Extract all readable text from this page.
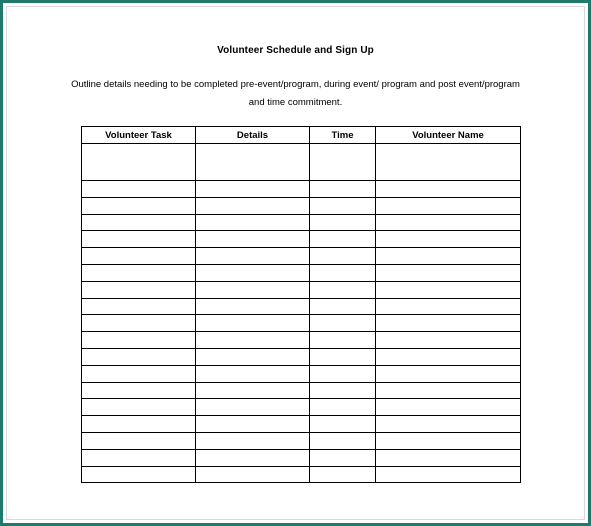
Volunteer Schedule and Sign Up
Outline details needing to be completed pre-event/program, during event/ program and post event/program
and time commitment.
Volunteer Task	Details	Time	Volunteer Name
